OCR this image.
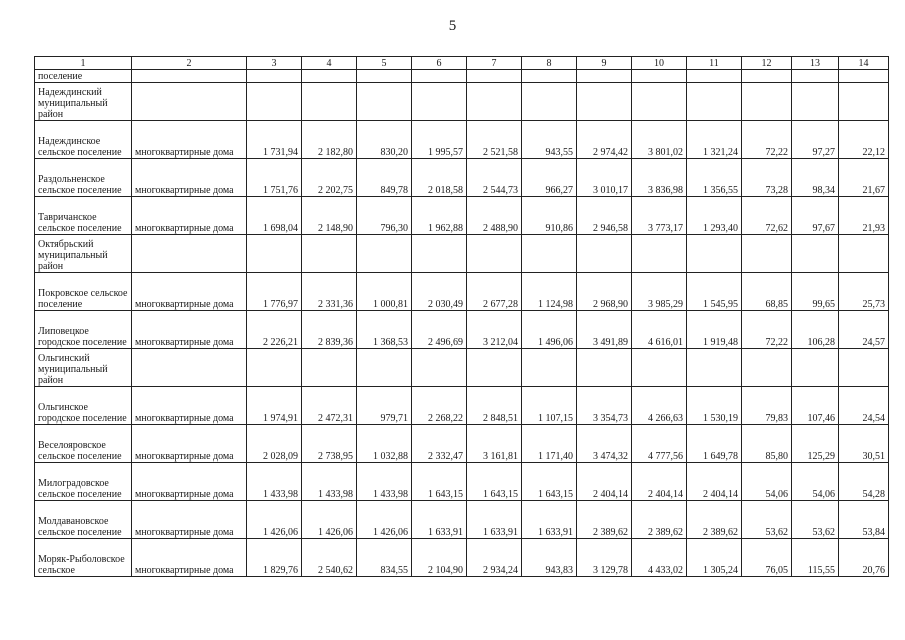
5
1	2	3	4	5	6	7	8	9	10	11	12	13	14
поселение													
Надеждинский муниципальный район													
Надеждинское сельское поселение	многоквартирные дома	1 731,94	2 182,80	830,20	1 995,57	2 521,58	943,55	2 974,42	3 801,02	1 321,24	72,22	97,27	22,12
Раздольненское сельское поселение	многоквартирные дома	1 751,76	2 202,75	849,78	2 018,58	2 544,73	966,27	3 010,17	3 836,98	1 356,55	73,28	98,34	21,67
Тавричанское сельское поселение	многоквартирные дома	1 698,04	2 148,90	796,30	1 962,88	2 488,90	910,86	2 946,58	3 773,17	1 293,40	72,62	97,67	21,93
Октябрьский муниципальный район													
Покровское сельское поселение	многоквартирные дома	1 776,97	2 331,36	1 000,81	2 030,49	2 677,28	1 124,98	2 968,90	3 985,29	1 545,95	68,85	99,65	25,73
Липовецкое городское поселение	многоквартирные дома	2 226,21	2 839,36	1 368,53	2 496,69	3 212,04	1 496,06	3 491,89	4 616,01	1 919,48	72,22	106,28	24,57
Ольгинский муниципальный район													
Ольгинское городское поселение	многоквартирные дома	1 974,91	2 472,31	979,71	2 268,22	2 848,51	1 107,15	3 354,73	4 266,63	1 530,19	79,83	107,46	24,54
Веселояровское сельское поселение	многоквартирные дома	2 028,09	2 738,95	1 032,88	2 332,47	3 161,81	1 171,40	3 474,32	4 777,56	1 649,78	85,80	125,29	30,51
Милоградовское сельское поселение	многоквартирные дома	1 433,98	1 433,98	1 433,98	1 643,15	1 643,15	1 643,15	2 404,14	2 404,14	2 404,14	54,06	54,06	54,28
Молдавановское сельское поселение	многоквартирные дома	1 426,06	1 426,06	1 426,06	1 633,91	1 633,91	1 633,91	2 389,62	2 389,62	2 389,62	53,62	53,62	53,84
Моряк-Рыболовское сельское	многоквартирные дома	1 829,76	2 540,62	834,55	2 104,90	2 934,24	943,83	3 129,78	4 433,02	1 305,24	76,05	115,55	20,76
